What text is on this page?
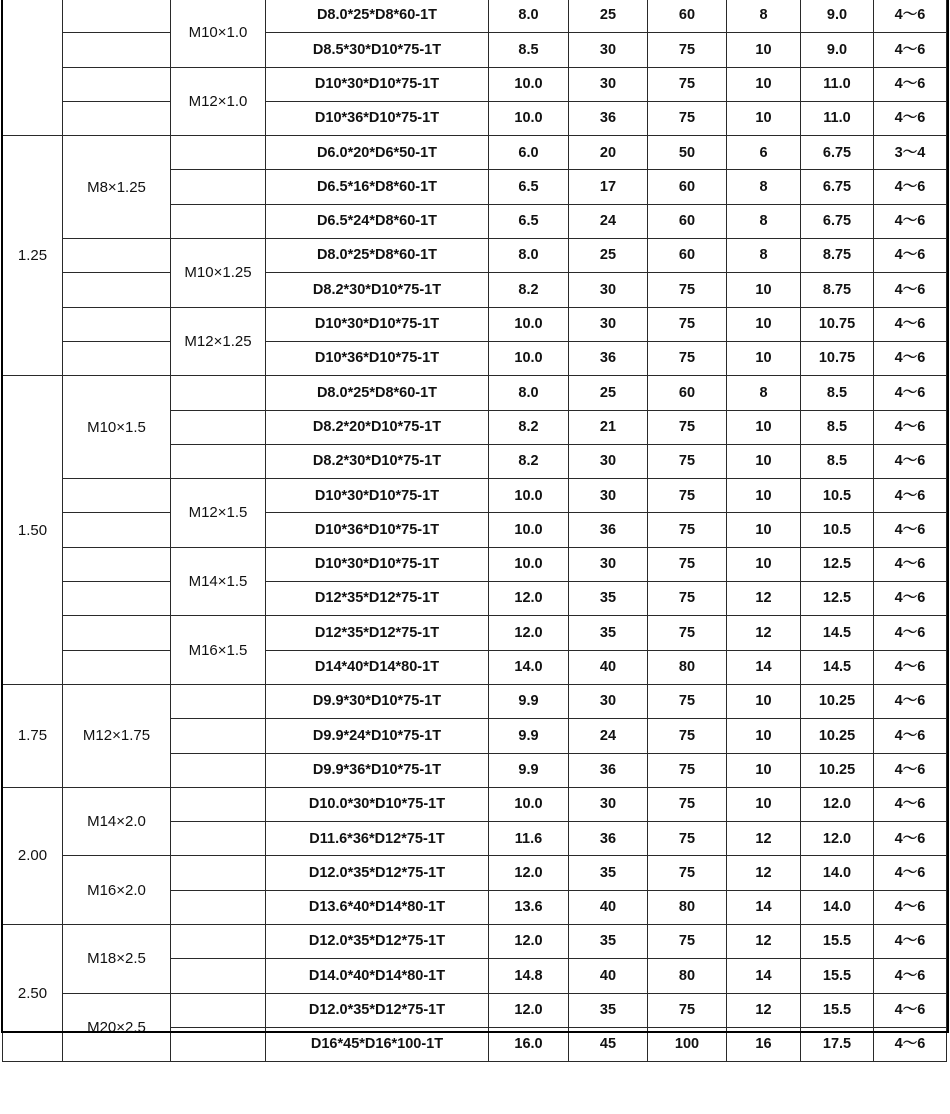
		M10×1.0	D8.0*25*D8*60-1T	8.0	25	60	8	9.0	4～6
			D8.5*30*D10*75-1T	8.5	30	75	10	9.0	4～6
		M12×1.0	D10*30*D10*75-1T	10.0	30	75	10	11.0	4～6
			D10*36*D10*75-1T	10.0	36	75	10	11.0	4～6
1.25	M8×1.25		D6.0*20*D6*50-1T	6.0	20	50	6	6.75	3～4
			D6.5*16*D8*60-1T	6.5	17	60	8	6.75	4～6
			D6.5*24*D8*60-1T	6.5	24	60	8	6.75	4～6
		M10×1.25	D8.0*25*D8*60-1T	8.0	25	60	8	8.75	4～6
			D8.2*30*D10*75-1T	8.2	30	75	10	8.75	4～6
		M12×1.25	D10*30*D10*75-1T	10.0	30	75	10	10.75	4～6
			D10*36*D10*75-1T	10.0	36	75	10	10.75	4～6
1.50	M10×1.5		D8.0*25*D8*60-1T	8.0	25	60	8	8.5	4～6
			D8.2*20*D10*75-1T	8.2	21	75	10	8.5	4～6
			D8.2*30*D10*75-1T	8.2	30	75	10	8.5	4～6
		M12×1.5	D10*30*D10*75-1T	10.0	30	75	10	10.5	4～6
			D10*36*D10*75-1T	10.0	36	75	10	10.5	4～6
		M14×1.5	D10*30*D10*75-1T	10.0	30	75	10	12.5	4～6
			D12*35*D12*75-1T	12.0	35	75	12	12.5	4～6
		M16×1.5	D12*35*D12*75-1T	12.0	35	75	12	14.5	4～6
			D14*40*D14*80-1T	14.0	40	80	14	14.5	4～6
1.75	M12×1.75		D9.9*30*D10*75-1T	9.9	30	75	10	10.25	4～6
			D9.9*24*D10*75-1T	9.9	24	75	10	10.25	4～6
			D9.9*36*D10*75-1T	9.9	36	75	10	10.25	4～6
2.00	M14×2.0		D10.0*30*D10*75-1T	10.0	30	75	10	12.0	4～6
			D11.6*36*D12*75-1T	11.6	36	75	12	12.0	4～6
	M16×2.0		D12.0*35*D12*75-1T	12.0	35	75	12	14.0	4～6
			D13.6*40*D14*80-1T	13.6	40	80	14	14.0	4～6
2.50	M18×2.5		D12.0*35*D12*75-1T	12.0	35	75	12	15.5	4～6
			D14.0*40*D14*80-1T	14.8	40	80	14	15.5	4～6
	M20×2.5		D12.0*35*D12*75-1T	12.0	35	75	12	15.5	4～6
			D16*45*D16*100-1T	16.0	45	100	16	17.5	4～6
